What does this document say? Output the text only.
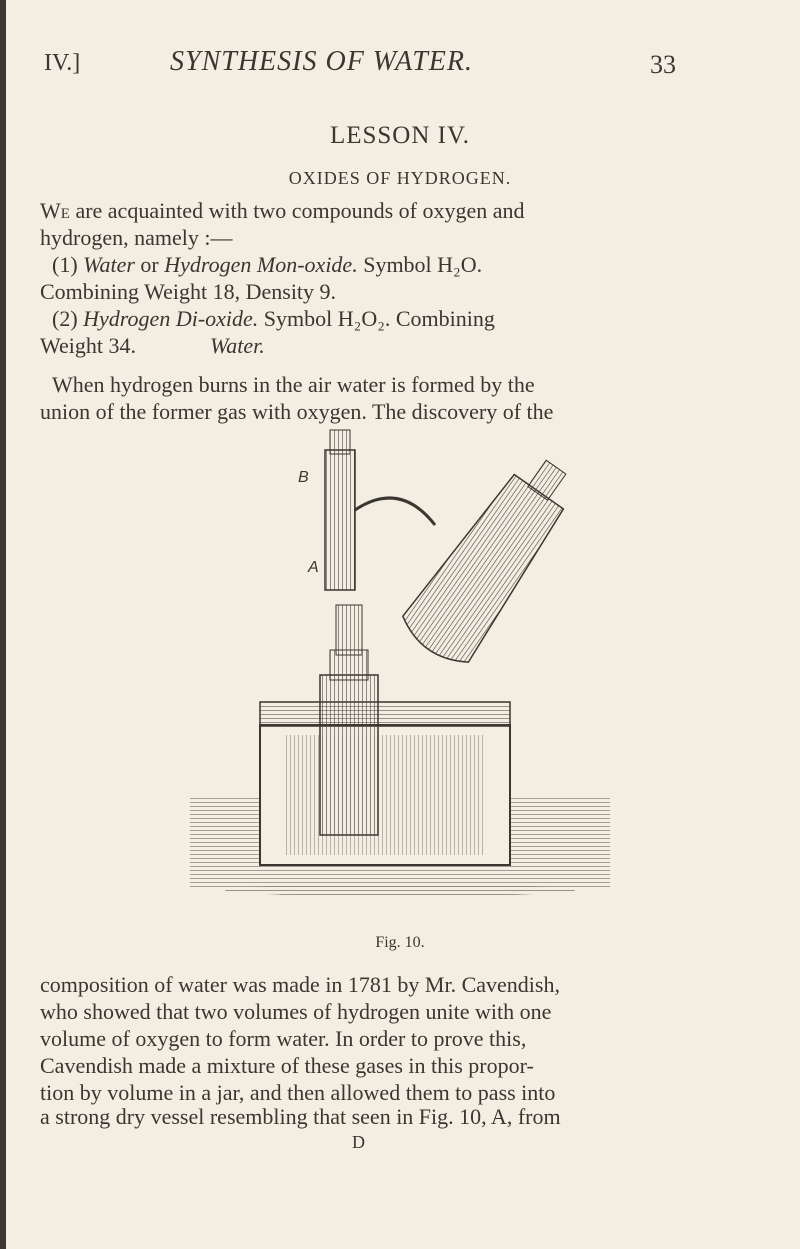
IV.]	SYNTHESIS OF WATER.	33
LESSON IV.
OXIDES OF HYDROGEN.
We are acquainted with two compounds of oxygen and
hydrogen, namely :—
(1) Water or Hydrogen Mon-oxide. Symbol H₂O.
Combining Weight 18, Density 9.
(2) Hydrogen Di-oxide. Symbol H₂O₂. Combining
Weight 34.	Water.
When hydrogen burns in the air water is formed by the
union of the former gas with oxygen. The discovery of the
B
A
Fig. 10.
composition of water was made in 1781 by Mr. Cavendish,
who showed that two volumes of hydrogen unite with one
volume of oxygen to form water. In order to prove this,
Cavendish made a mixture of these gases in this propor-
tion by volume in a jar, and then allowed them to pass into
a strong dry vessel resembling that seen in Fig. 10, A, from
D
